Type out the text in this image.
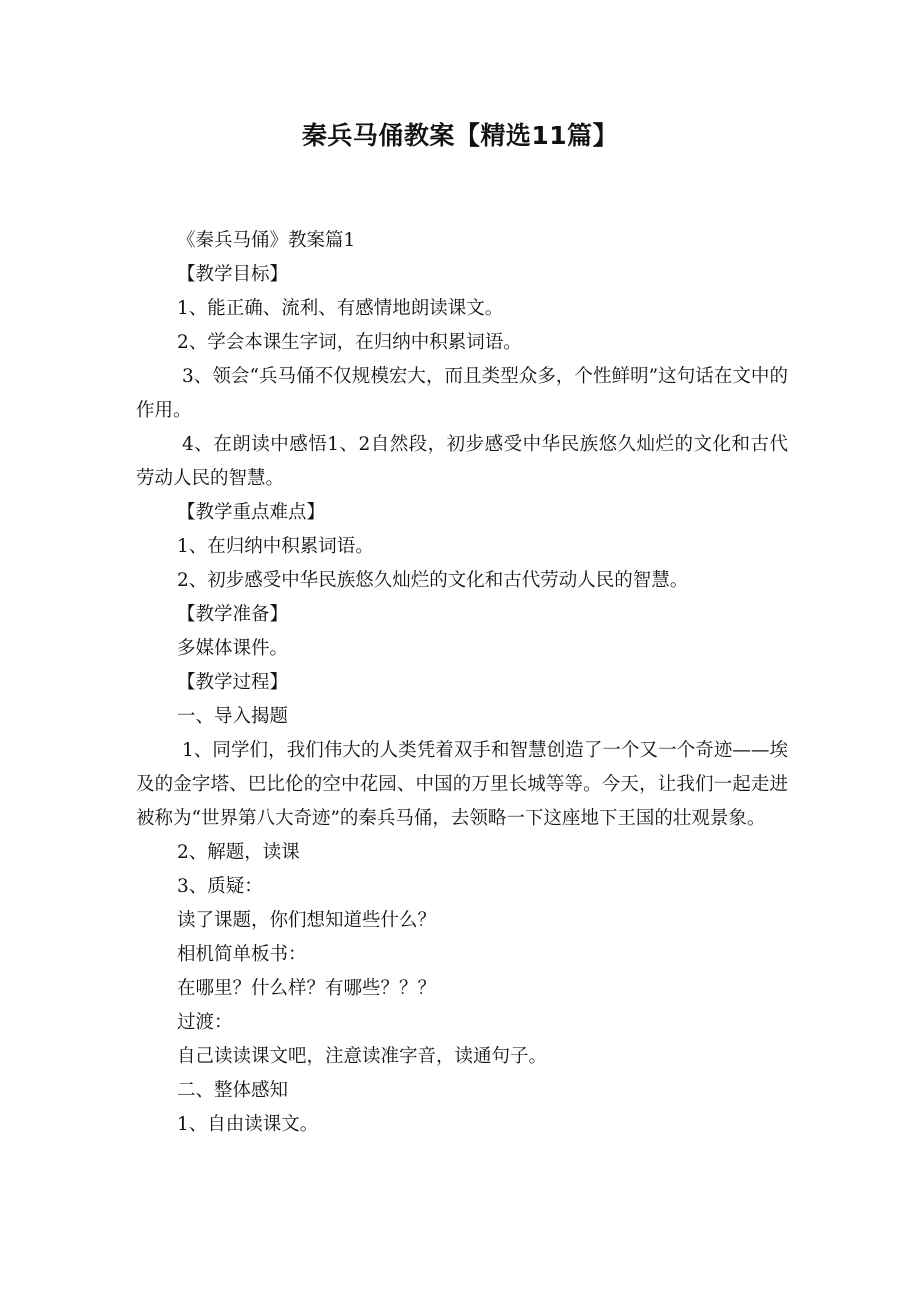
秦兵马俑教案【精选11篇】

《秦兵马俑》教案篇1

【教学目标】

1、能正确、流利、有感情地朗读课文。

2、学会本课生字词，在归纳中积累词语。

3、领会“兵马俑不仅规模宏大，而且类型众多，个性鲜明”这句话在文中的作用。

4、在朗读中感悟1、2自然段，初步感受中华民族悠久灿烂的文化和古代劳动人民的智慧。

【教学重点难点】

1、在归纳中积累词语。

2、初步感受中华民族悠久灿烂的文化和古代劳动人民的智慧。

【教学准备】

多媒体课件。

【教学过程】

一、导入揭题

1、同学们，我们伟大的人类凭着双手和智慧创造了一个又一个奇迹——埃及的金字塔、巴比伦的空中花园、中国的万里长城等等。今天，让我们一起走进被称为“世界第八大奇迹”的秦兵马俑，去领略一下这座地下王国的壮观景象。

2、解题，读课

3、质疑：

读了课题，你们想知道些什么？

相机简单板书：

在哪里？什么样？有哪些？？？

过渡：

自己读读课文吧，注意读准字音，读通句子。

二、整体感知

1、自由读课文。
